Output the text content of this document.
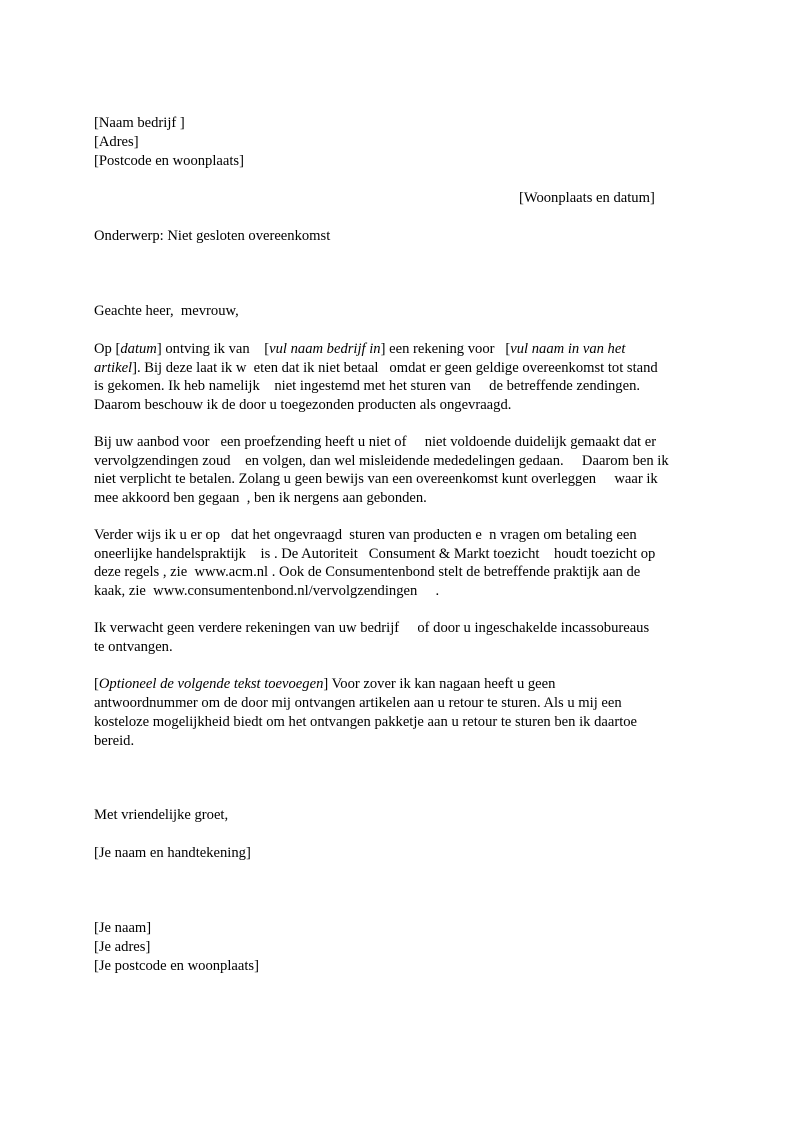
[Naam bedrijf ]
[Adres]
[Postcode en woonplaats]
[Woonplaats en datum]
Onderwerp: Niet gesloten overeenkomst
Geachte heer,  mevrouw,
Op [datum] ontving ik van    [vul naam bedrijf in] een rekening voor   [vul naam in van het
artikel]. Bij deze laat ik w  eten dat ik niet betaal   omdat er geen geldige overeenkomst tot stand
is gekomen. Ik heb namelijk    niet ingestemd met het sturen van     de betreffende zendingen.
Daarom beschouw ik de door u toegezonden producten als ongevraagd.
Bij uw aanbod voor   een proefzending heeft u niet of     niet voldoende duidelijk gemaakt dat er
vervolgzendingen zoud    en volgen, dan wel misleidende mededelingen gedaan.     Daarom ben ik
niet verplicht te betalen. Zolang u geen bewijs van een overeenkomst kunt overleggen     waar ik
mee akkoord ben gegaan  , ben ik nergens aan gebonden.
Verder wijs ik u er op   dat het ongevraagd  sturen van producten e  n vragen om betaling een
oneerlijke handelspraktijk    is . De Autoriteit   Consument & Markt toezicht    houdt toezicht op
deze regels , zie  www.acm.nl . Ook de Consumentenbond stelt de betreffende praktijk aan de
kaak, zie  www.consumentenbond.nl/vervolgzendingen     .
Ik verwacht geen verdere rekeningen van uw bedrijf     of door u ingeschakelde incassobureaus
te ontvangen.
[Optioneel de volgende tekst toevoegen] Voor zover ik kan nagaan heeft u geen
antwoordnummer om de door mij ontvangen artikelen aan u retour te sturen. Als u mij een
kosteloze mogelijkheid biedt om het ontvangen pakketje aan u retour te sturen ben ik daartoe
bereid.
Met vriendelijke groet,
[Je naam en handtekening]
[Je naam]
[Je adres]
[Je postcode en woonplaats]
